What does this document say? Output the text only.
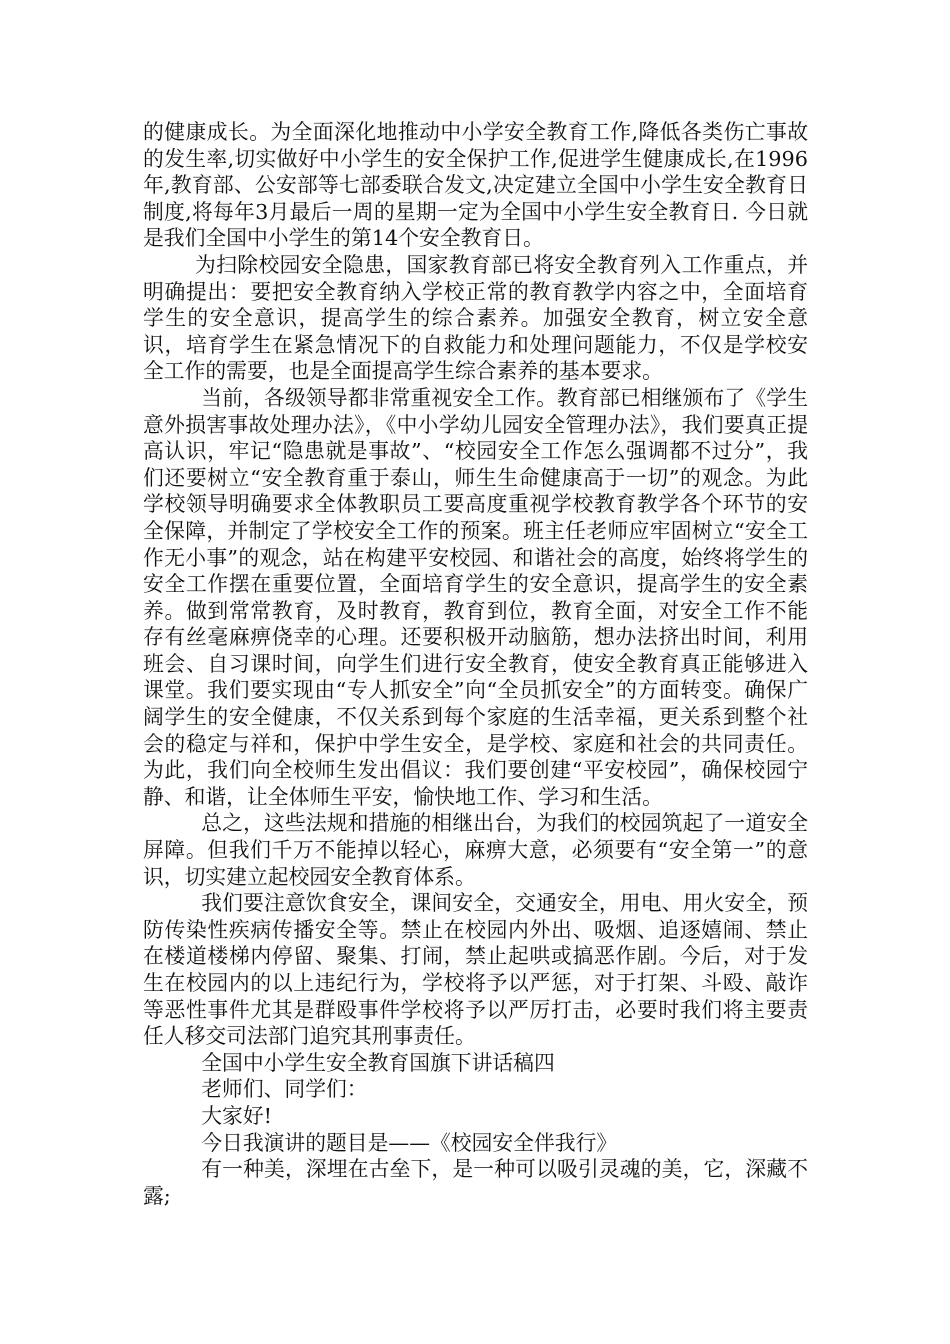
的健康成长。为全面深化地推动中小学安全教育工作,降低各类伤亡事故的发生率,切实做好中小学生的安全保护工作,促进学生健康成长,在1996年,教育部、公安部等七部委联合发文,决定建立全国中小学生安全教育日制度,将每年3月最后一周的星期一定为全国中小学生安全教育日. 今日就是我们全国中小学生的第14个安全教育日。

为扫除校园安全隐患，国家教育部已将安全教育列入工作重点，并明确提出：要把安全教育纳入学校正常的教育教学内容之中，全面培育学生的安全意识，提高学生的综合素养。加强安全教育，树立安全意识，培育学生在紧急情况下的自救能力和处理问题能力，不仅是学校安全工作的需要，也是全面提高学生综合素养的基本要求。

当前，各级领导都非常重视安全工作。教育部已相继颁布了《学生意外损害事故处理办法》，《中小学幼儿园安全管理办法》，我们要真正提高认识，牢记“隐患就是事故”、“校园安全工作怎么强调都不过分”，我们还要树立“安全教育重于泰山，师生生命健康高于一切”的观念。为此学校领导明确要求全体教职员工要高度重视学校教育教学各个环节的安全保障，并制定了学校安全工作的预案。班主任老师应牢固树立“安全工作无小事”的观念，站在构建平安校园、和谐社会的高度，始终将学生的安全工作摆在重要位置，全面培育学生的安全意识，提高学生的安全素养。做到常常教育，及时教育，教育到位，教育全面，对安全工作不能存有丝毫麻痹侥幸的心理。还要积极开动脑筋，想办法挤出时间，利用班会、自习课时间，向学生们进行安全教育，使安全教育真正能够进入课堂。我们要实现由“专人抓安全”向“全员抓安全”的方面转变。确保广阔学生的安全健康，不仅关系到每个家庭的生活幸福，更关系到整个社会的稳定与祥和，保护中学生安全，是学校、家庭和社会的共同责任。为此，我们向全校师生发出倡议：我们要创建“平安校园”，确保校园宁静、和谐，让全体师生平安，愉快地工作、学习和生活。

总之，这些法规和措施的相继出台，为我们的校园筑起了一道安全屏障。但我们千万不能掉以轻心，麻痹大意，必须要有“安全第一”的意识，切实建立起校园安全教育体系。

我们要注意饮食安全，课间安全，交通安全，用电、用火安全，预防传染性疾病传播安全等。禁止在校园内外出、吸烟、追逐嬉闹、禁止在楼道楼梯内停留、聚集、打闹，禁止起哄或搞恶作剧。今后，对于发生在校园内的以上违纪行为，学校将予以严惩，对于打架、斗殴、敲诈等恶性事件尤其是群殴事件学校将予以严厉打击，必要时我们将主要责任人移交司法部门追究其刑事责任。

全国中小学生安全教育国旗下讲话稿四

老师们、同学们：

大家好!

今日我演讲的题目是——《校园安全伴我行》

有一种美，深埋在古垒下，是一种可以吸引灵魂的美，它，深藏不露;
